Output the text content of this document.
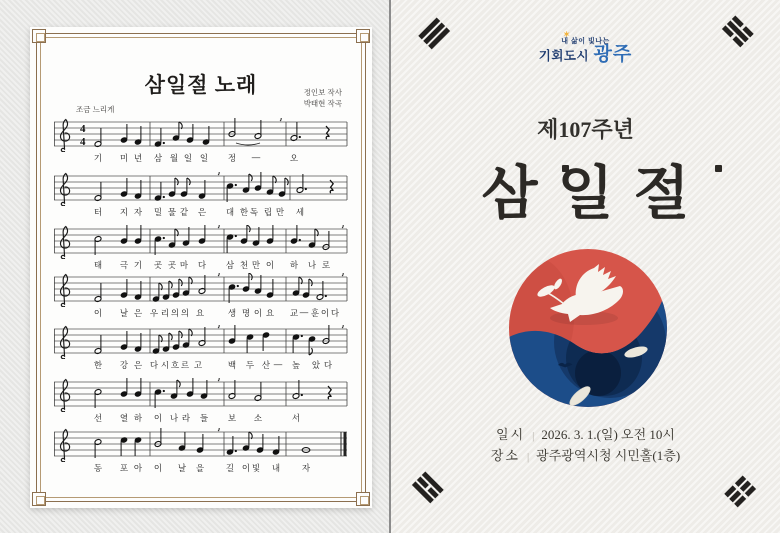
삼일절 노래	정인보 작사
박태현 작곡
조금 느리게
4
4
기	미 년	삼 월 일 일	정	—	오
터	지 자	밀 물 같	은	대 한 독 립 만	세
태	극 기	곳 곳 마	다	삼 천 만 이	하	나 로
이	날 은 우 리 의 의 요	생 명 이 요	교 — 훈 이 다
한	강 은 다 시 흐 르 고	백	두 산 —	높	았 다
선	열 하	이 나 라	들	보	소	서
동	포 아	이	날	을	길 이 빛	내	자
✶
내 삶이 빛나는
기회도시 광주
제107주년
삼
일절
일시 | 2026. 3. 1.(일) 오전 10시
장소 | 광주광역시청 시민홀(1층)
